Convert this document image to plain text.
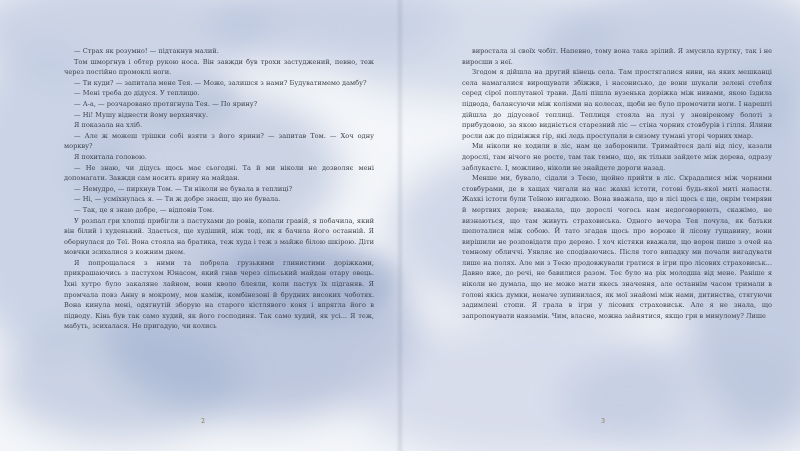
— Страх як розумно! — підтакнув малий.

Том шморгнув і обтер рукою носа. Він завжди був трохи застуджений, певно, теж через постійно промоклі ноги.

— Ти куди? — запитала мене Тея. — Може, залишся з нами? Будуватимемо дамбу?

— Мені треба до дідуся. У теплицю.

— А-а, — розчаровано протягнула Тея. — По ярину?

— Ні! Мушу віднести йому верхнячку.

Я показала на хліб.

— Але ж можеш трішки собі взяти з його ярини? — запитав Том. — Хоч одну моркву?

Я похитала головою.

— Не знаю, чи дідусь щось має сьогодні. Та й ми ніколи не дозволяє мені допомагати. Завжди сам носить ярину на майдан.

— Немудро, — пирхнув Том. — Ти ніколи не бувала в теплиці?

— Ні, — усміхнулась я. — Ти ж добре знаєш, що не бувала.

— Так, це я знаю добре, — відповів Том.

У розпал гри хлопці прибігли з пастухами до ровів, копали гравій, я побачила, який він білий і худенький. Здається, ще худіший, ніж тоді, як я бачила його останній. Я обернулася до Теї. Вона стояла на братика, теж худа і теж з майже білою шкірою. Діти мовчки зсихалися з кожним днем.

Я попрощалася з ними та побрела грузькими глинистими доріжками, прикрашаючись з пастухом Юнасом, який гнав через сільський майдан отару овець. Їхні хутро було закаляне лайном, вони кволо блеяли, коли пастух їх підганяв. Я промчала повз Анну в мокрому, мов каміж, комбінезоні й брудних високих чоботях. Вона кинула мені, одягнутій зборую на старого кістлявого коня і впрягла його в підводу. Кінь був так само худий, як його господиня. Так само худий, як усі... Я теж, мабуть, зсихалася. Не пригадую, чи колись

виростала зі своїх чобіт. Напевно, тому вона така зрілий. Я змусила куртку, так і не виросши з неї.

Згодом я дійшла на другий кінець села. Там простягалися ниви, на яких мешканці села намагалися вирощувати збіжжя, і насонисько, де вони шукали зелені стебля серед сірої поплутаної трави. Далі пішла вузенька доріжка між нивами, якою їздила підвода, балансуючи між коліями на колесах, щоби не було промочити ноги. І нарешті дійшла до дідусевої теплиці. Теплиця стояла на лузі у зневіреному болоті з прибудовою, за якою видніється старезний ліс — стіна чорних стовбурів і гілля. Ялини росли аж до підніжжя гір, які ледь проступали в сизому тумані угорі чорних хмар.

Ми ніколи не ходили в ліс, нам це заборонили. Тримайтеся далі від лісу, казали дорослі, там нічого не росте, там так темно, що, як тільки зайдете між дерева, одразу заблукаєте. І, можливо, ніколи не знайдете дороги назад.

Менше ми, бувало, сідали з Теєю, щойно прийти в ліс. Скрадалися між чорними стовбурами, де в хащах чигали на нас жахкі істоти, готові будь-якої миті напасти. Жахкі істоти були Теїною вигадкою. Вона вважала, що в лісі щось є ще, окрім темряви й мертвих дерев; вважала, що дорослі чогось нам недоговорюють, скажімо, не визнаються, що там живуть страховиська. Одного вечора Тея почула, як батьки шепоталися між собою. Й тато згадав щось про вороже й лісову гущавину, вони вирішили не розповідати про дерево. І хоч кістяки вважали, що ворон пише з очей на темному обличчі. Уявляє не сподіваючись. Після того випадку ми почали вигадувати лише на полях. Але ми з Теєю продовжували гратися в ігри про лісових страховиськ... Давно вже, до речі, не бавилися разом. Теє було на рік молодша від мене. Раніше я ніколи не думала, що не може мати якесь значення, але останнім часом тримали в голові якісь думки, неначе зупинилася, як мої знайомі між нами, дитинства, стягуючи задимлені стопи. Я грала в ігри у лісових страховиськ. Але я не знала, що запропонувати навзамін. Чим, власне, можна зайнятися, якщо гри в минулому? Лише

2	3
